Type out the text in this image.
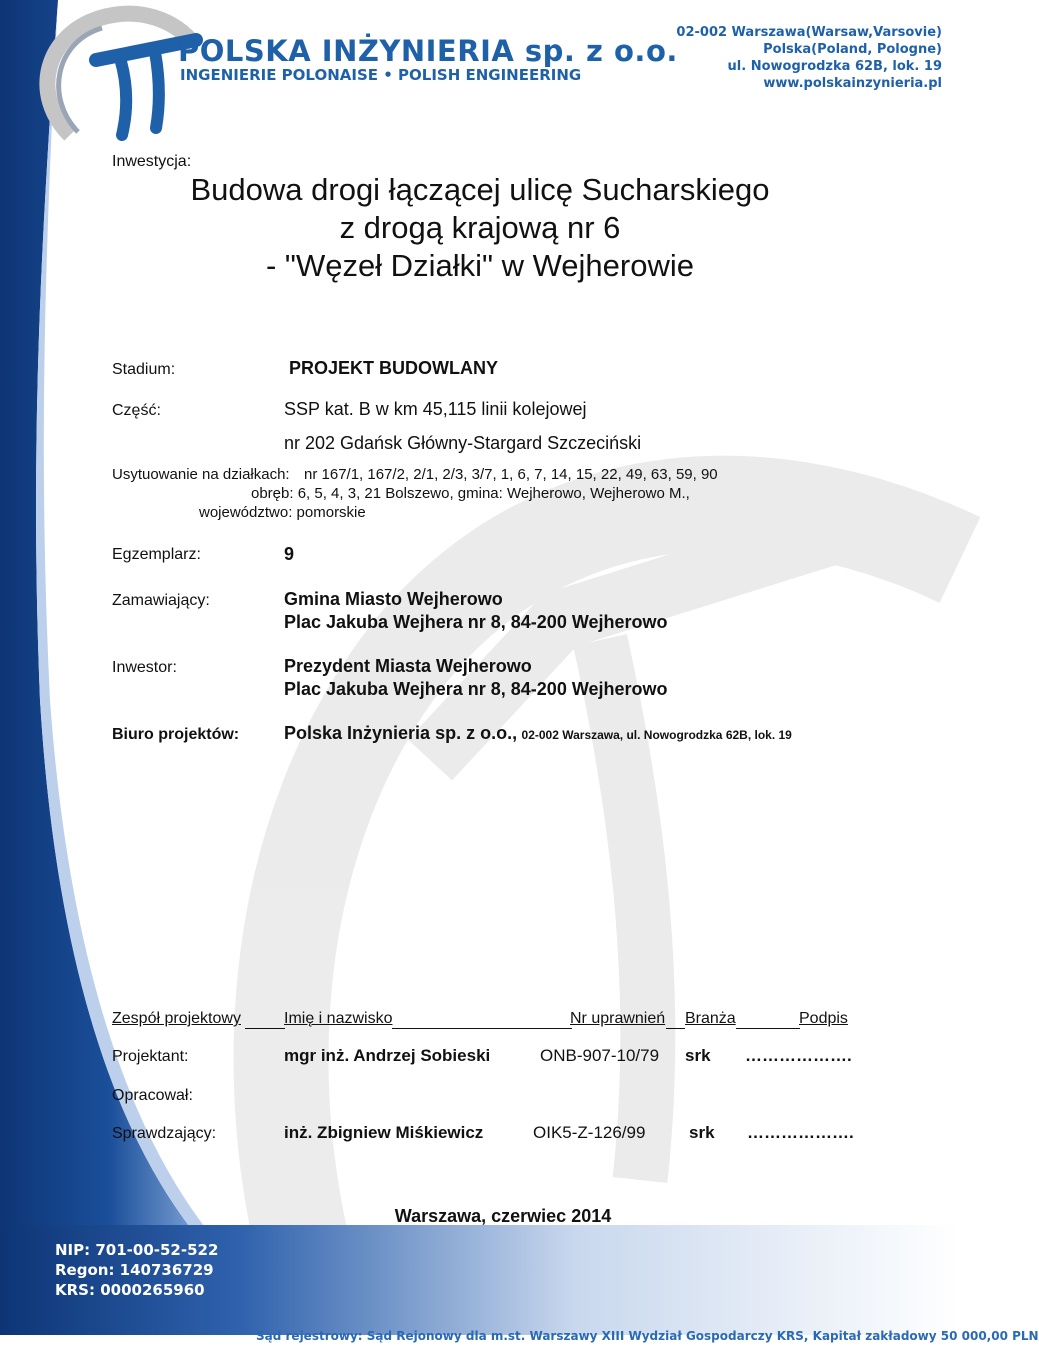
POLSKA INŻYNIERIA sp. z o.o.
INGENIERIE POLONAISE • POLISH ENGINEERING
02-002 Warszawa(Warsaw,Varsovie)
Polska(Poland, Pologne)
ul. Nowogrodzka 62B, lok. 19
www.polskainzynieria.pl
Inwestycja:
Budowa drogi łączącej ulicę Sucharskiego
z drogą krajową nr 6
- "Węzeł Działki" w Wejherowie
Stadium:	PROJEKT BUDOWLANY
Część:	SSP kat. B w km 45,115 linii kolejowej
nr 202 Gdańsk Główny-Stargard Szczeciński
Usytuowanie na działkach: nr 167/1, 167/2, 2/1, 2/3, 3/7, 1, 6, 7, 14, 15, 22, 49, 63, 59, 90
obręb: 6, 5, 4, 3, 21 Bolszewo, gmina: Wejherowo, Wejherowo M.,
województwo: pomorskie
Egzemplarz:	9
Zamawiający:	Gmina Miasto Wejherowo
Plac Jakuba Wejhera nr 8, 84-200 Wejherowo
Inwestor:	Prezydent Miasta Wejherowo
Plac Jakuba Wejhera nr 8, 84-200 Wejherowo
Biuro projektów: Polska Inżynieria sp. z o.o., 02-002 Warszawa, ul. Nowogrodzka 62B, lok. 19
Zespół projektowy	Imię i nazwisko	Nr uprawnień Branża	Podpis
Projektant:	mgr inż. Andrzej Sobieski	ONB-907-10/79 srk ……………….
Opracował:
Sprawdzający:	inż. Zbigniew Miśkiewicz	OIK5-Z-126/99	srk ……………….
Warszawa, czerwiec 2014
NIP: 701-00-52-522
Regon: 140736729
KRS: 0000265960
Sąd rejestrowy: Sąd Rejonowy dla m.st. Warszawy XIII Wydział Gospodarczy KRS, Kapitał zakładowy 50 000,00 PLN
